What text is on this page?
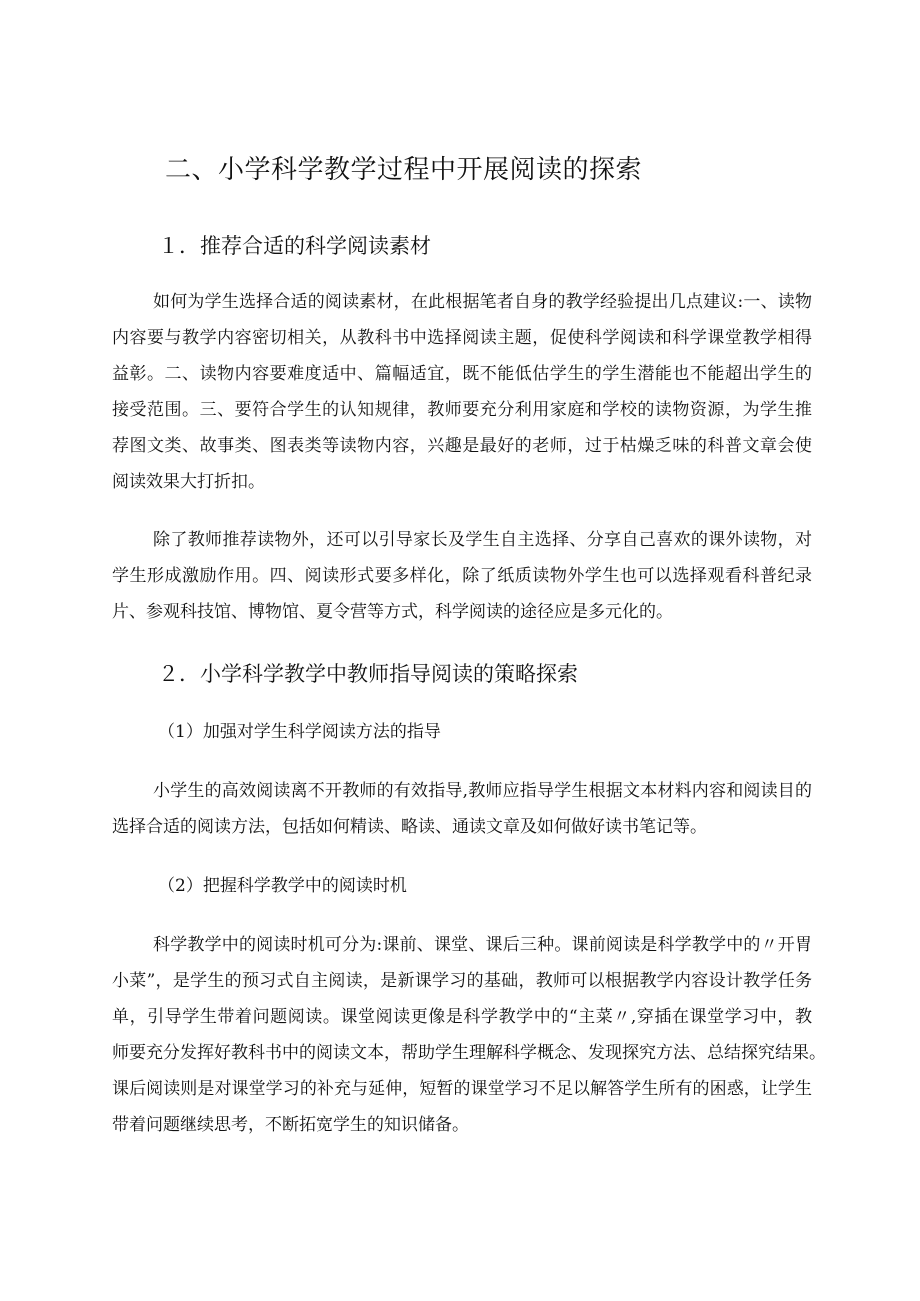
二、小学科学教学过程中开展阅读的探索
１．推荐合适的科学阅读素材
如何为学生选择合适的阅读素材，在此根据笔者自身的教学经验提出几点建议:一、读物
内容要与教学内容密切相关，从教科书中选择阅读主题，促使科学阅读和科学课堂教学相得
益彰。二、读物内容要难度适中、篇幅适宜，既不能低估学生的学生潜能也不能超出学生的
接受范围。三、要符合学生的认知规律，教师要充分利用家庭和学校的读物资源，为学生推
荐图文类、故事类、图表类等读物内容，兴趣是最好的老师，过于枯燥乏味的科普文章会使
阅读效果大打折扣。
除了教师推荐读物外，还可以引导家长及学生自主选择、分享自己喜欢的课外读物，对
学生形成激励作用。四、阅读形式要多样化，除了纸质读物外学生也可以选择观看科普纪录
片、参观科技馆、博物馆、夏令营等方式，科学阅读的途径应是多元化的。
２．小学科学教学中教师指导阅读的策略探索
（1）加强对学生科学阅读方法的指导
小学生的高效阅读离不开教师的有效指导,教师应指导学生根据文本材料内容和阅读目的
选择合适的阅读方法，包括如何精读、略读、通读文章及如何做好读书笔记等。
（2）把握科学教学中的阅读时机
科学教学中的阅读时机可分为:课前、课堂、课后三种。课前阅读是科学教学中的〃开胃
小菜”，是学生的预习式自主阅读，是新课学习的基础，教师可以根据教学内容设计教学任务
单，引导学生带着问题阅读。课堂阅读更像是科学教学中的“主菜〃,穿插在课堂学习中，教
师要充分发挥好教科书中的阅读文本，帮助学生理解科学概念、发现探究方法、总结探究结果。
课后阅读则是对课堂学习的补充与延伸，短暂的课堂学习不足以解答学生所有的困惑，让学生
带着问题继续思考，不断拓宽学生的知识储备。
